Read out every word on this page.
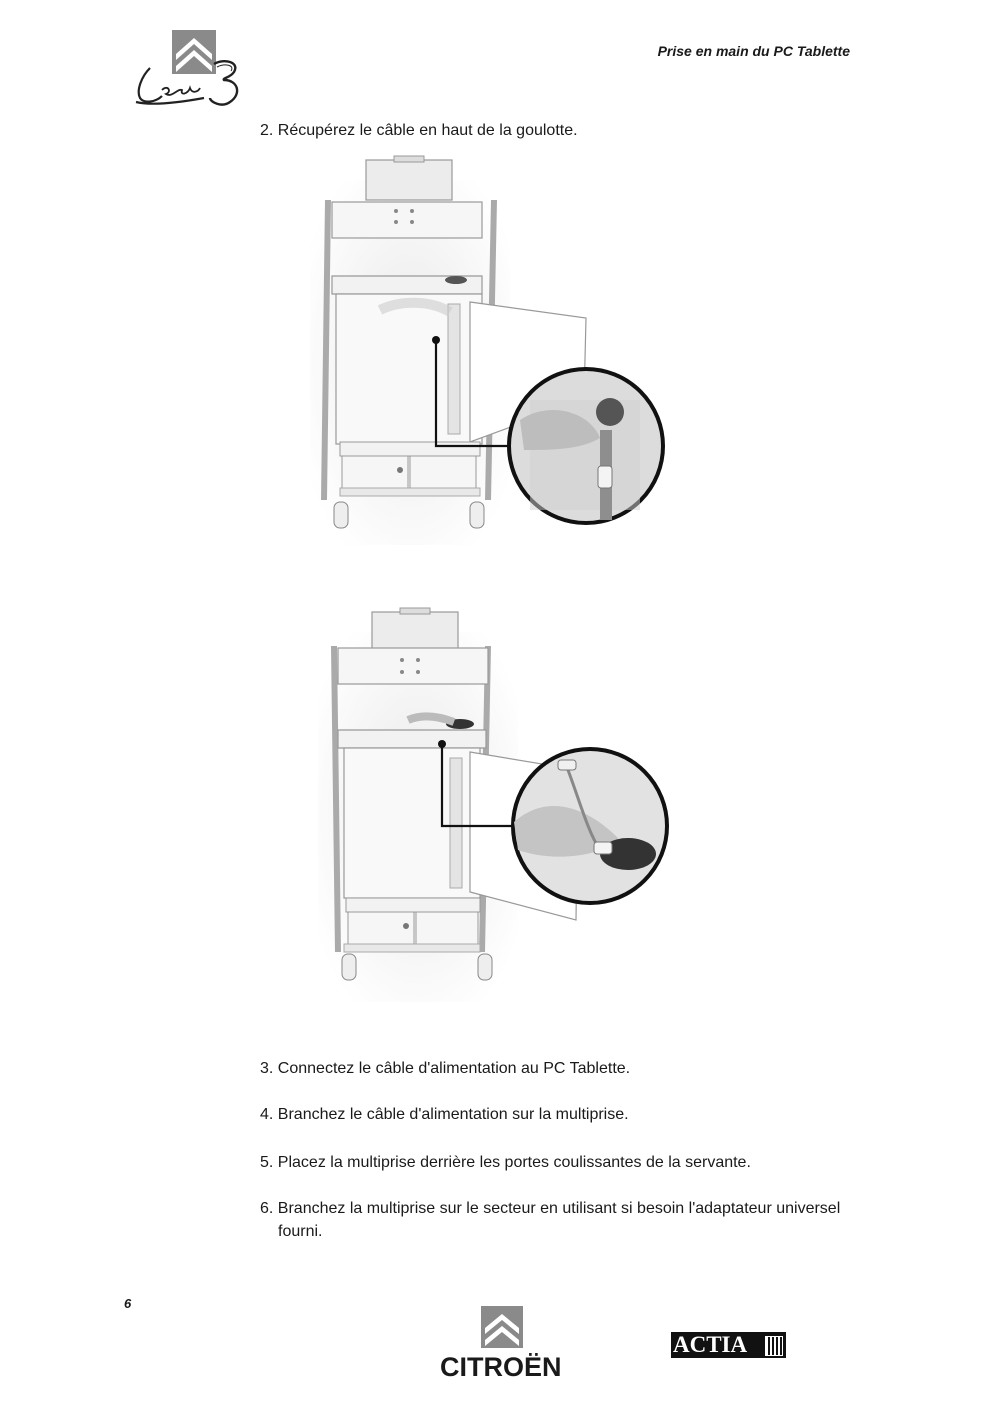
Prise en main du PC Tablette
2. Récupérez le câble en haut de la goulotte.
3. Connectez le câble d'alimentation au PC Tablette.
4. Branchez le câble d'alimentation sur la multiprise.
5. Placez la multiprise derrière les portes coulissantes de la servante.
6. Branchez la multiprise sur le secteur en utilisant si besoin l'adaptateur universel fourni.
6
CITROËN
ACTIA
